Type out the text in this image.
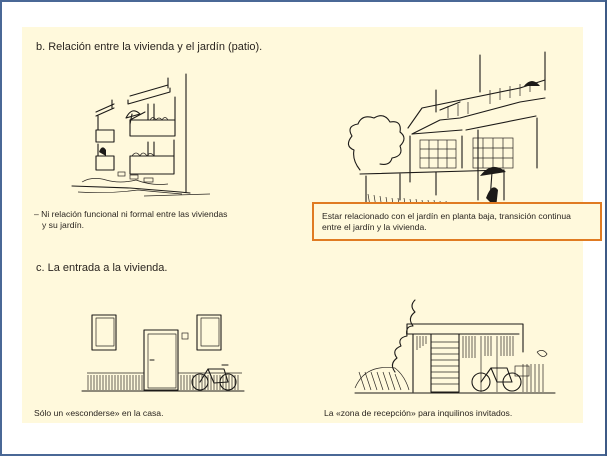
b. Relación entre la vivienda y el jardín (patio).
– Ni relación funcional ni formal entre las viviendas
y su jardín.
Estar relacionado con el jardín en planta baja, transición continua
entre el jardín y la vivienda.
c. La entrada a la vivienda.
Sólo un «esconderse» en la casa.	La «zona de recepción» para inquilinos invitados.
